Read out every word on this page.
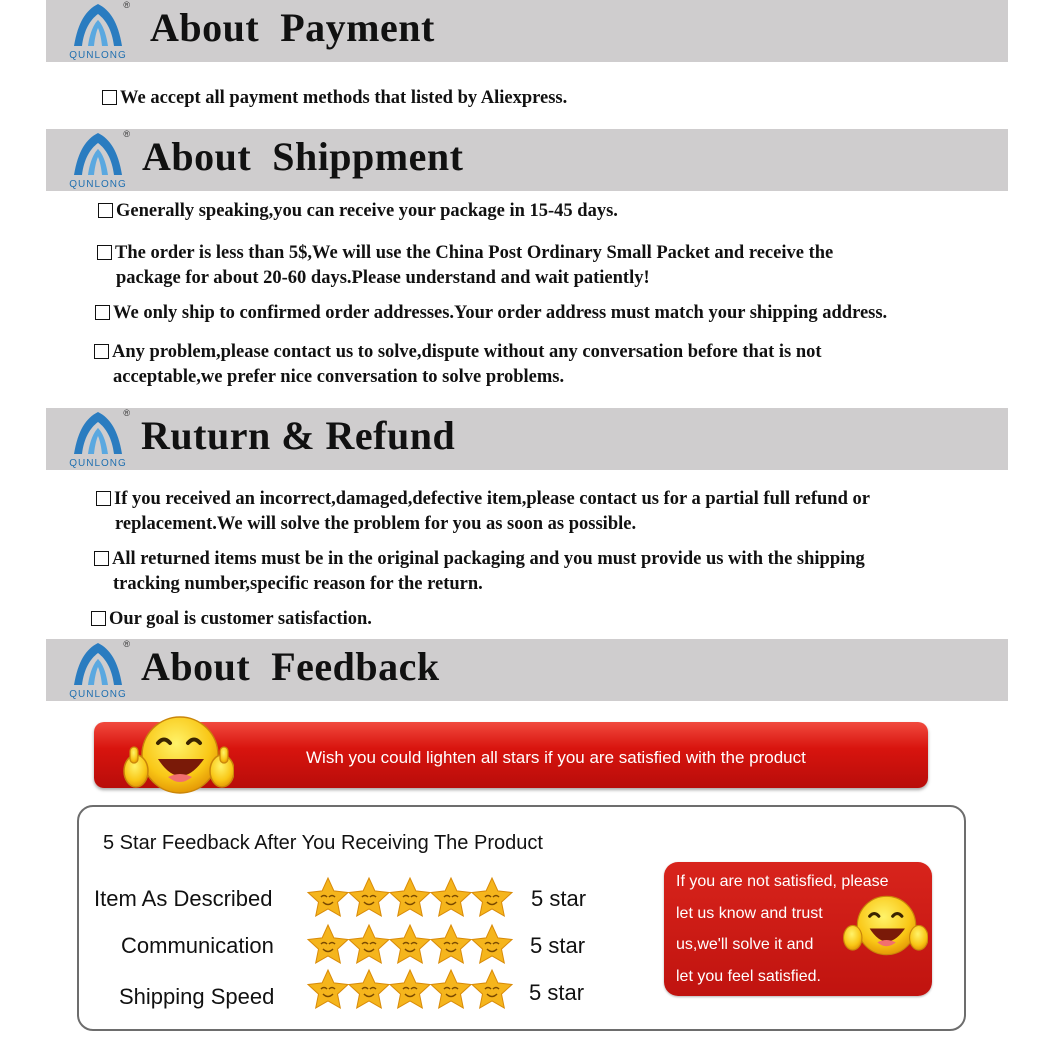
®
QUNLONG
About  Payment
We accept all payment methods that listed by Aliexpress.
®
QUNLONG
About  Shippment
Generally speaking,you can receive your package in 15-45 days.
The order is less than 5$,We will use the China Post Ordinary Small Packet and receive the
package for about 20-60 days.Please understand and wait patiently!
We only ship to confirmed order addresses.Your order address must match your shipping address.
Any problem,please contact us to solve,dispute without any conversation before that is not
acceptable,we prefer nice conversation to solve problems.
®
QUNLONG
Ruturn & Refund
If you received an incorrect,damaged,defective item,please contact us for a partial full refund or
replacement.We will solve the problem for you as soon as possible.
All returned items must be in the original packaging and you must provide us with the shipping
tracking number,specific reason for the return.
Our goal is customer satisfaction.
®
QUNLONG
About  Feedback
Wish you could lighten all stars if you are satisfied with the product
5 Star Feedback After You Receiving The Product
Item As Described	5 star
Communication	5 star
Shipping Speed	5 star
If you are not satisfied, please
let us know and trust
us,we'll solve it and
let you feel satisfied.
